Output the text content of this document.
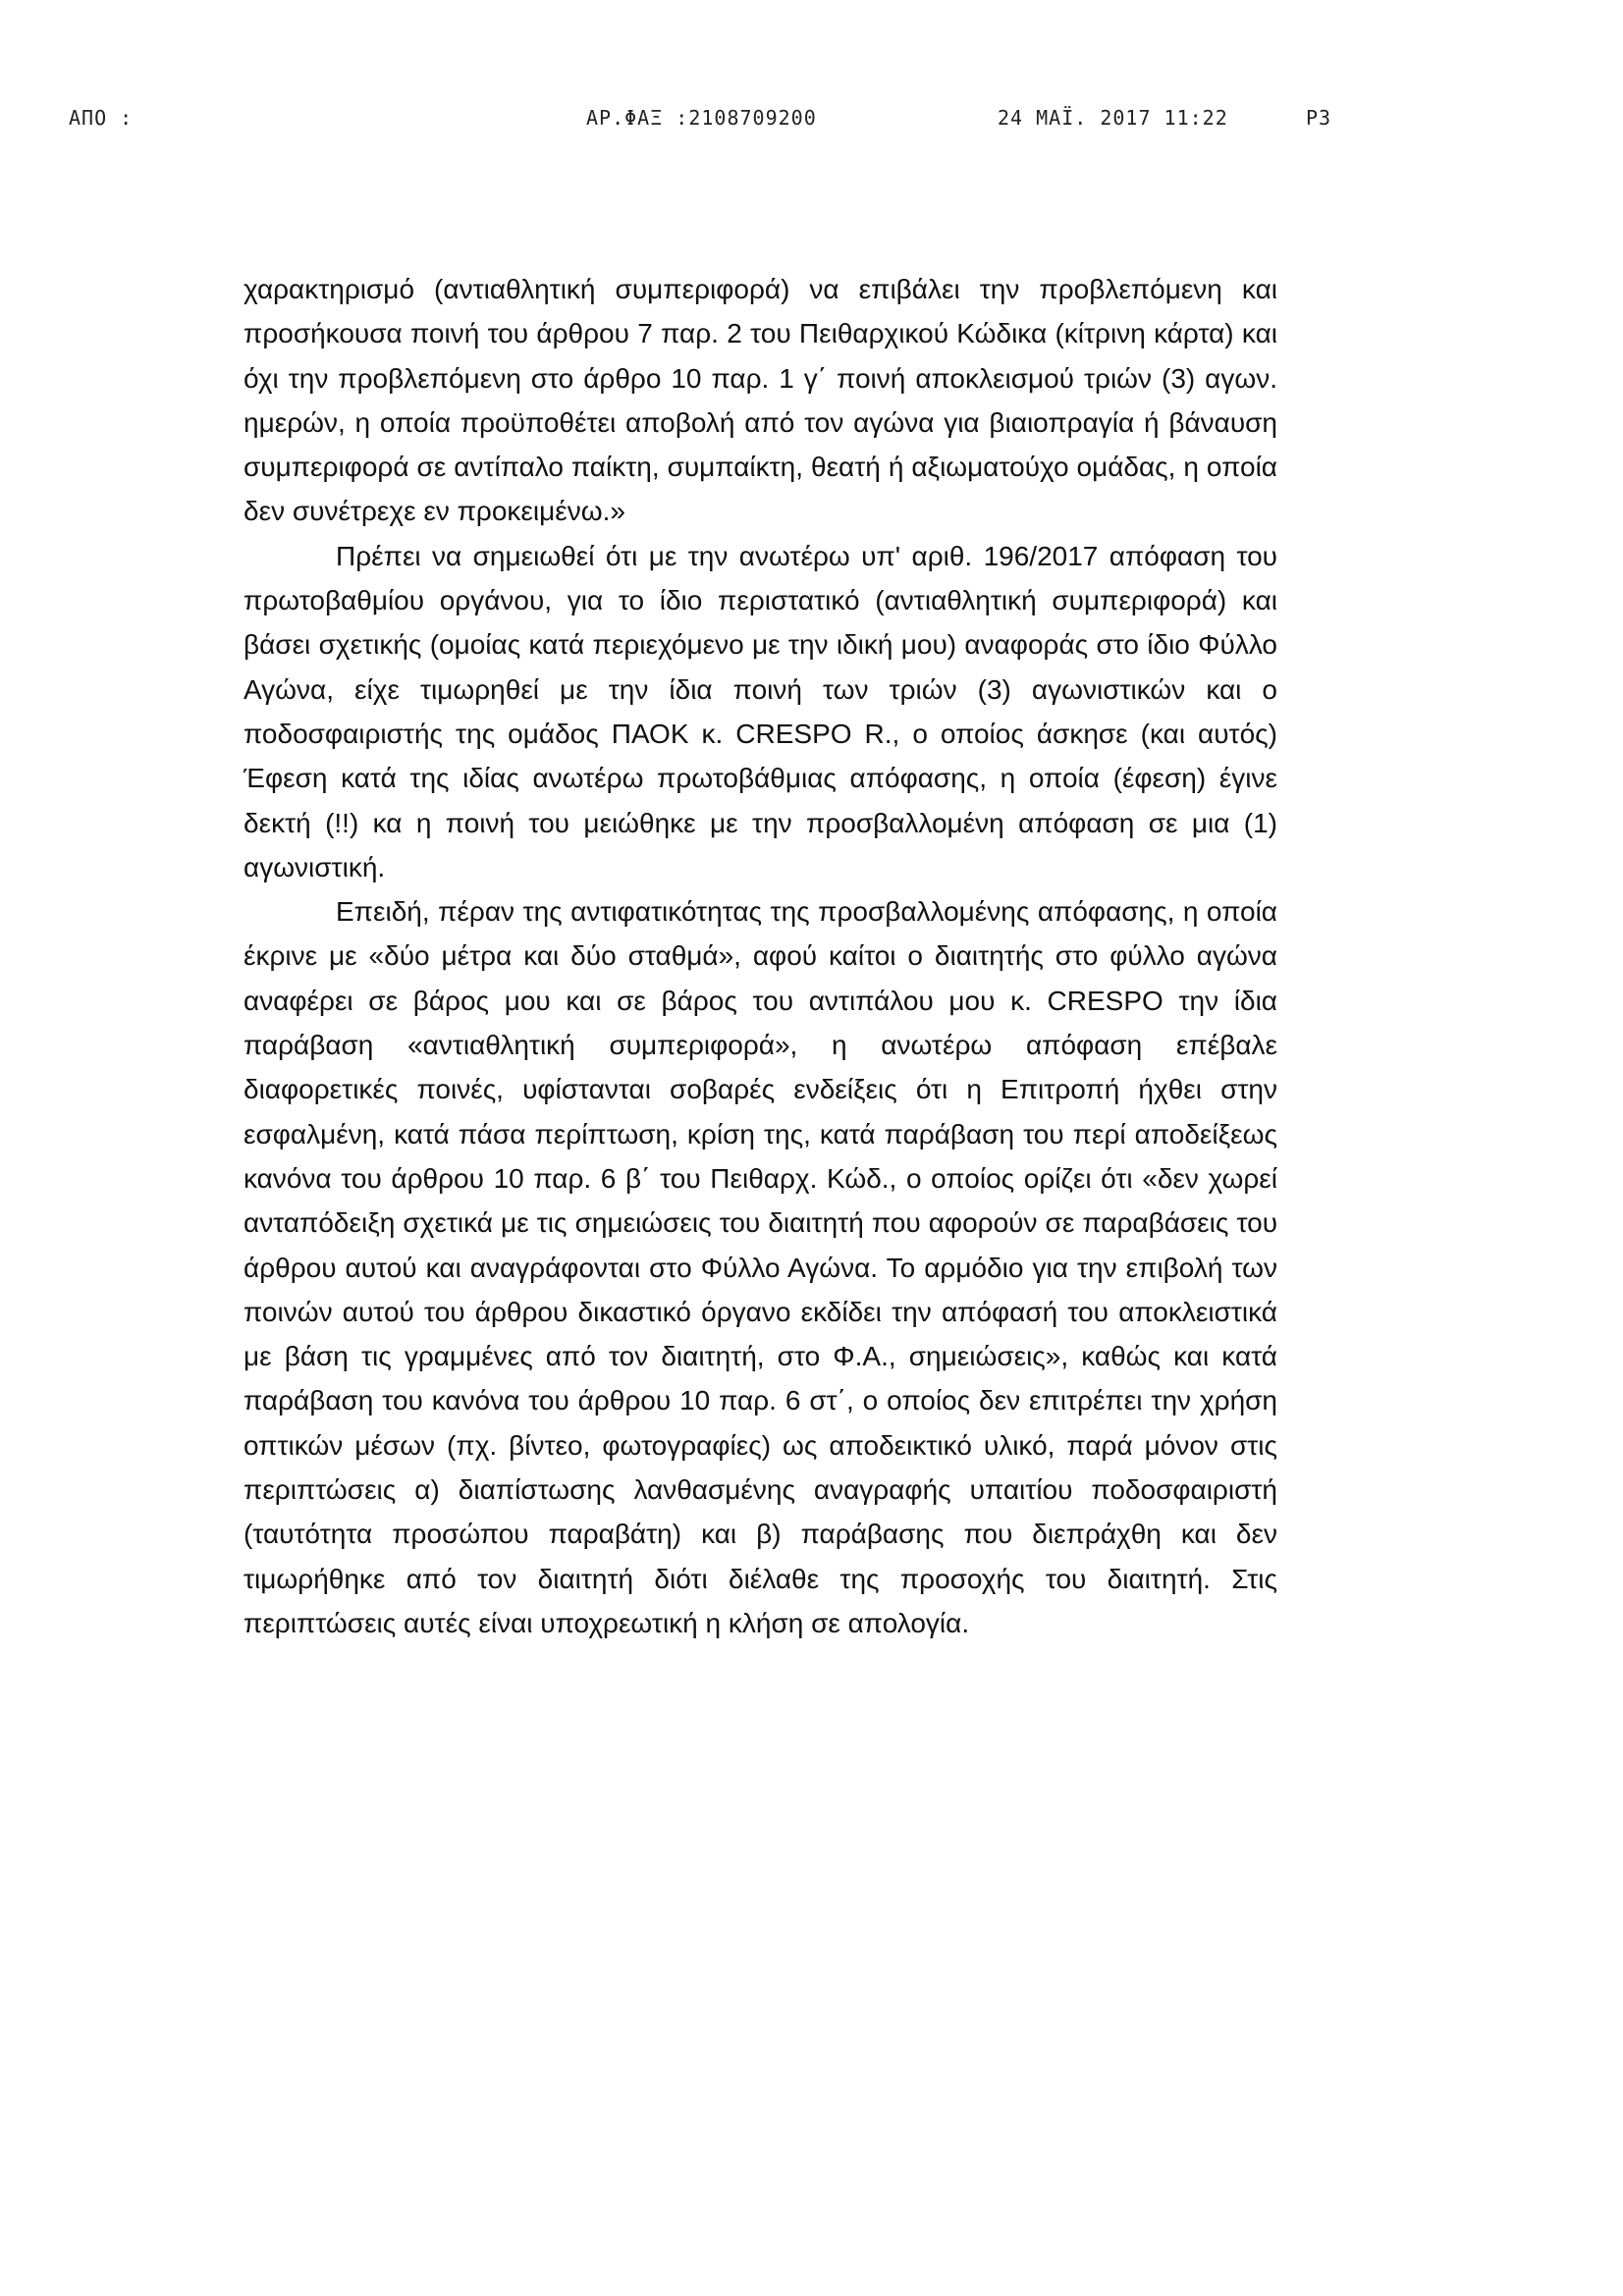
ΑΠΟ :	ΑΡ.ΦΑΞ :2108709200	24 ΜΑΪ. 2017 11:22	Ρ3

χαρακτηρισμό (αντιαθλητική συμπεριφορά) να επιβάλει την προβλεπόμενη και προσήκουσα ποινή του άρθρου 7 παρ. 2 του Πειθαρχικού Κώδικα (κίτρινη κάρτα) και όχι την προβλεπόμενη στο άρθρο 10 παρ. 1 γ΄ ποινή αποκλεισμού τριών (3) αγων. ημερών, η οποία προϋποθέτει αποβολή από τον αγώνα για βιαιοπραγία ή βάναυση συμπεριφορά σε αντίπαλο παίκτη, συμπαίκτη, θεατή ή αξιωματούχο ομάδας, η οποία δεν συνέτρεχε εν προκειμένω.»

Πρέπει να σημειωθεί ότι με την ανωτέρω υπ' αριθ. 196/2017 απόφαση του πρωτοβαθμίου οργάνου, για το ίδιο περιστατικό (αντιαθλητική συμπεριφορά) και βάσει σχετικής (ομοίας κατά περιεχόμενο με την ιδική μου) αναφοράς στο ίδιο Φύλλο Αγώνα, είχε τιμωρηθεί με την ίδια ποινή των τριών (3) αγωνιστικών και ο ποδοσφαιριστής της ομάδος ΠΑΟΚ κ. CRESPO R., ο οποίος άσκησε (και αυτός) Έφεση κατά της ιδίας ανωτέρω πρωτοβάθμιας απόφασης, η οποία (έφεση) έγινε δεκτή (!!) κα η ποινή του μειώθηκε με την προσβαλλομένη απόφαση σε μια (1) αγωνιστική.

Επειδή, πέραν της αντιφατικότητας της προσβαλλομένης απόφασης, η οποία έκρινε με «δύο μέτρα και δύο σταθμά», αφού καίτοι ο διαιτητής στο φύλλο αγώνα αναφέρει σε βάρος μου και σε βάρος του αντιπάλου μου κ. CRESPO την ίδια παράβαση «αντιαθλητική συμπεριφορά», η ανωτέρω απόφαση επέβαλε διαφορετικές ποινές, υφίστανται σοβαρές ενδείξεις ότι η Επιτροπή ήχθει στην εσφαλμένη, κατά πάσα περίπτωση, κρίση της, κατά παράβαση του περί αποδείξεως κανόνα του άρθρου 10 παρ. 6 β΄ του Πειθαρχ. Κώδ., ο οποίος ορίζει ότι «δεν χωρεί ανταπόδειξη σχετικά με τις σημειώσεις του διαιτητή που αφορούν σε παραβάσεις του άρθρου αυτού και αναγράφονται στο Φύλλο Αγώνα. Το αρμόδιο για την επιβολή των ποινών αυτού του άρθρου δικαστικό όργανο εκδίδει την απόφασή του αποκλειστικά με βάση τις γραμμένες από τον διαιτητή, στο Φ.Α., σημειώσεις», καθώς και κατά παράβαση του κανόνα του άρθρου 10 παρ. 6 στ΄, ο οποίος δεν επιτρέπει την χρήση οπτικών μέσων (πχ. βίντεο, φωτογραφίες) ως αποδεικτικό υλικό, παρά μόνον στις περιπτώσεις α) διαπίστωσης λανθασμένης αναγραφής υπαιτίου ποδοσφαιριστή (ταυτότητα προσώπου παραβάτη) και β) παράβασης που διεπράχθη και δεν τιμωρήθηκε από τον διαιτητή διότι διέλαθε της προσοχής του διαιτητή. Στις περιπτώσεις αυτές είναι υποχρεωτική η κλήση σε απολογία.
